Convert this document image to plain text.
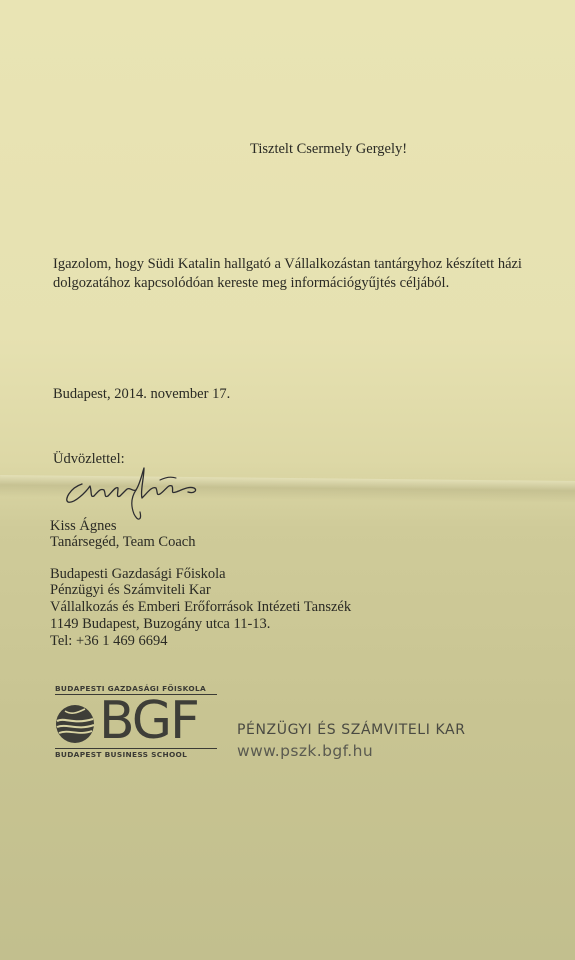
Tisztelt Csermely Gergely!
Igazolom, hogy Südi Katalin hallgató a Vállalkozástan tantárgyhoz készített házi dolgozatához kapcsolódóan kereste meg információgyűjtés céljából.
Budapest, 2014. november 17.
Üdvözlettel:
Kiss Ágnes
Tanársegéd, Team Coach
Budapesti Gazdasági Főiskola
Pénzügyi és Számviteli Kar
Vállalkozás és Emberi Erőforrások Intézeti Tanszék
1149 Budapest, Buzogány utca 11-13.
Tel: +36 1 469 6694
BUDAPESTI GAZDASÁGI FŐISKOLA
BGF
BUDAPEST BUSINESS SCHOOL
PÉNZÜGYI ÉS SZÁMVITELI KAR
www.pszk.bgf.hu
